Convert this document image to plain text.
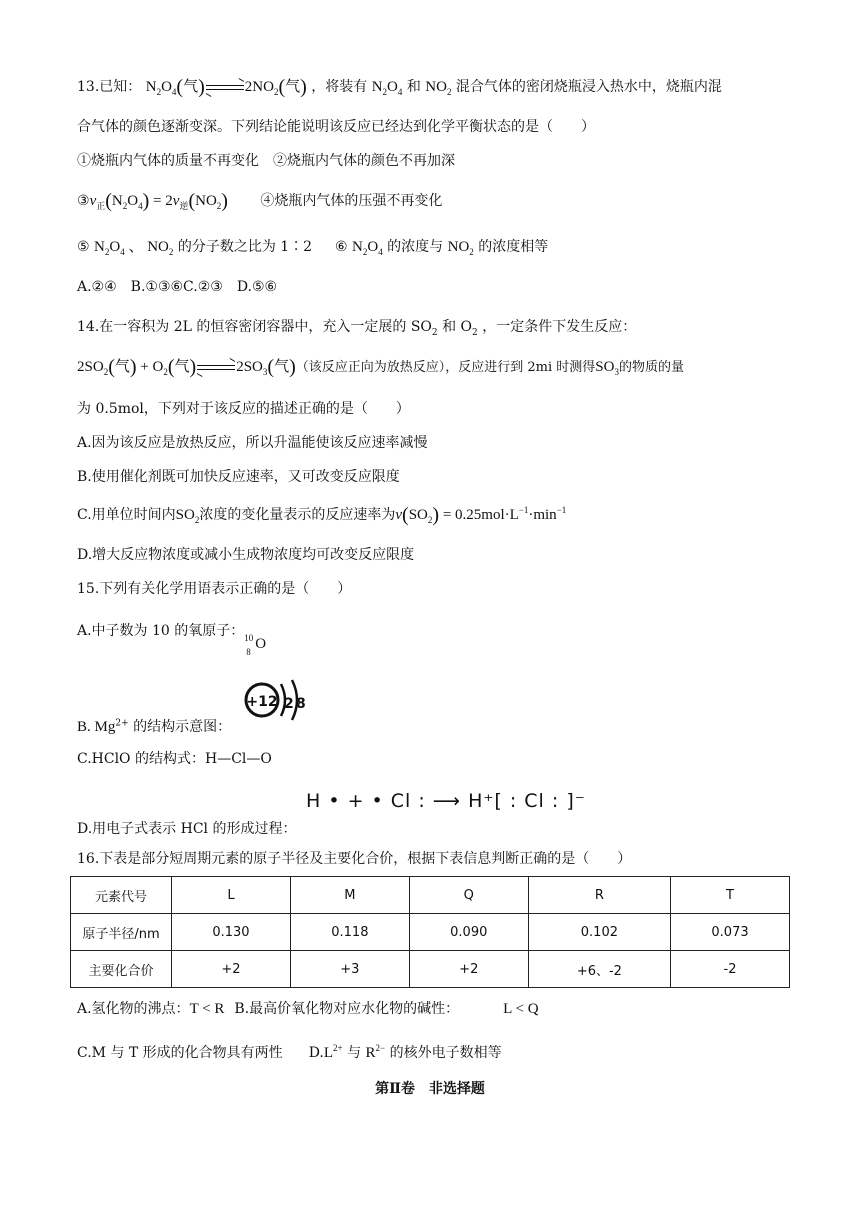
13.已知： $N_2O_4$(气)	$2NO_2$(气) ，将装有 $N_2O_4$ 和 $NO_2$ 混合气体的密闭烧瓶浸入热水中，烧瓶内混
合气体的颜色逐渐变深。下列结论能说明该反应已经达到化学平衡状态的是（　　）
①烧瓶内气体的质量不再变化　②烧瓶内气体的颜色不再加深
$③v_正(N_2O_4) = 2v_逆(NO_2)$ ④烧瓶内气体的压强不再变化
⑤ $N_2O_4$ 、 $NO_2$ 的分子数之比为 1∶2 ⑥ $N_2O_4$ 的浓度与 $NO_2$ 的浓度相等
A.②④　B.①③⑥C.②③　D.⑤⑥
14.在一容积为 2L 的恒容密闭容器中，充入一定展的 $SO_2$ 和 $O_2$ ，一定条件下发生反应：
$2SO_2$(气) + $O_2$(气)	$2SO_3$(气)（该反应正向为放热反应），反应进行到 2mi 时测得$SO_3$的物质的量
为 0.5mol，下列对于该反应的描述正确的是（　　）
A.因为该反应是放热反应，所以升温能使该反应速率减慢
B.使用催化剂既可加快反应速率，又可改变反应限度
C.用单位时间内$SO_2$浓度的变化量表示的反应速率为$v(SO_2) = 0.25mol\cdot L^{-1}\cdot\min^{-1}$
D.增大反应物浓度或减小生成物浓度均可改变反应限度
15.下列有关化学用语表示正确的是（　　）
A.中子数为 10 的氧原子： 10
8 O
B. $Mg^{2+}$ 的结构示意图：
+12 2 8
C.HClO 的结构式：H—Cl—O
D.用电子式表示 HCl 的形成过程：
H • + • Cl : ⟶ H⁺[ : Cl : ]⁻
16.下表是部分短周期元素的原子半径及主要化合价，根据下表信息判断正确的是（　　）
元素代号	L	M	Q	R	T
原子半径/nm	0.130	0.118	0.090	0.102	0.073
主要化合价	+2	+3	+2	+6、-2	-2
A.氢化物的沸点：T < R B.最高价氧化物对应水化物的碱性：	L < Q
C.M 与 T 形成的化合物具有两性 $D.L^{2+}$ 与 $R^{2-}$ 的核外电子数相等
第Ⅱ卷　非选择题
